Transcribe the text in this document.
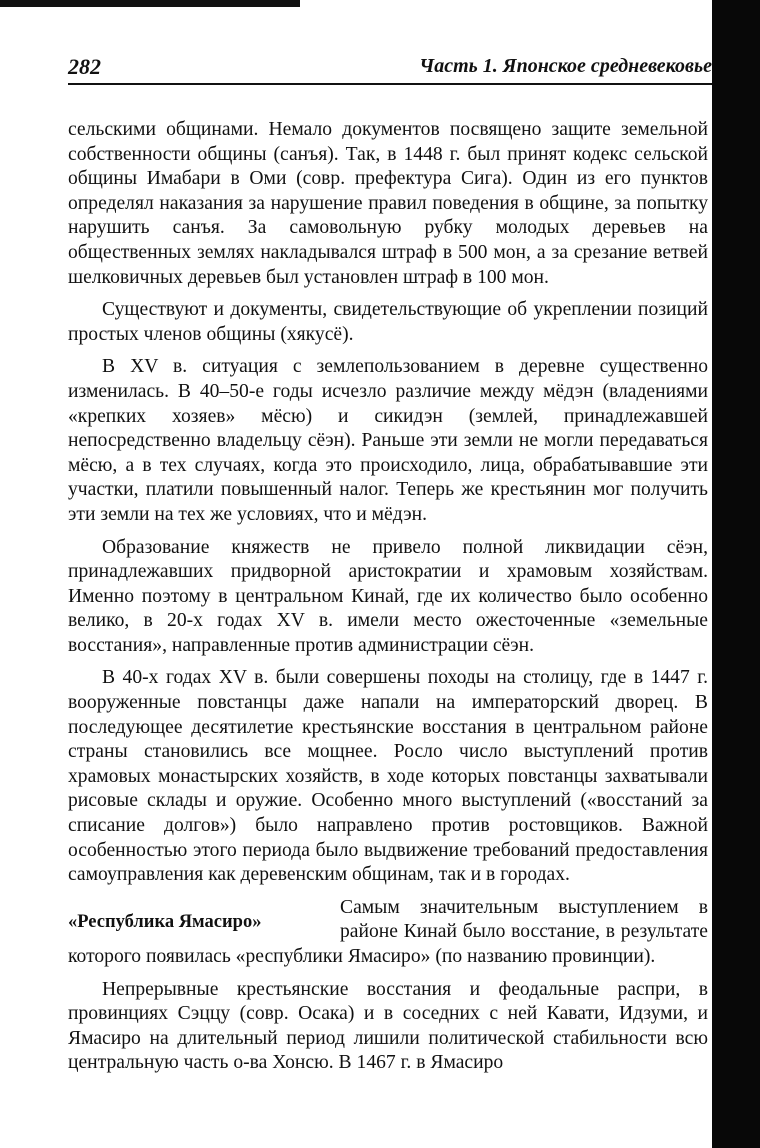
282	Часть 1. Японское средневековье

сельскими общинами. Немало документов посвящено защите земельной собственности общины (санъя). Так, в 1448 г. был принят кодекс сельской общины Имабари в Оми (совр. префектура Сига). Один из его пунктов определял наказания за нарушение правил поведения в общине, за попытку нарушить санъя. За самовольную рубку молодых деревьев на общественных землях накладывался штраф в 500 мон, а за срезание ветвей шелковичных деревьев был установлен штраф в 100 мон.

Существуют и документы, свидетельствующие об укреплении позиций простых членов общины (хякусё).

В XV в. ситуация с землепользованием в деревне существенно изменилась. В 40–50-е годы исчезло различие между мёдэн (владениями «крепких хозяев» мёсю) и сикидэн (землей, принадлежавшей непосредственно владельцу сёэн). Раньше эти земли не могли передаваться мёсю, а в тех случаях, когда это происходило, лица, обрабатывавшие эти участки, платили повышенный налог. Теперь же крестьянин мог получить эти земли на тех же условиях, что и мёдэн.

Образование княжеств не привело полной ликвидации сёэн, принадлежавших придворной аристократии и храмовым хозяйствам. Именно поэтому в центральном Кинай, где их количество было особенно велико, в 20-х годах XV в. имели место ожесточенные «земельные восстания», направленные против администрации сёэн.

В 40-х годах XV в. были совершены походы на столицу, где в 1447 г. вооруженные повстанцы даже напали на императорский дворец. В последующее десятилетие крестьянские восстания в центральном районе страны становились все мощнее. Росло число выступлений против храмовых монастырских хозяйств, в ходе которых повстанцы захватывали рисовые склады и оружие. Особенно много выступлений («восстаний за списание долгов») было направлено против ростовщиков. Важной особенностью этого периода было выдвижение требований предоставления самоуправления как деревенским общинам, так и в городах.

«Республика Ямасиро»
Самым значительным выступлением в районе Кинай было восстание, в результате которого появилась «республики Ямасиро» (по названию провинции).

Непрерывные крестьянские восстания и феодальные распри, в провинциях Сэццу (совр. Осака) и в соседних с ней Кавати, Идзуми, и Ямасиро на длительный период лишили политической стабильности всю центральную часть о-ва Хонсю. В 1467 г. в Ямасиро
